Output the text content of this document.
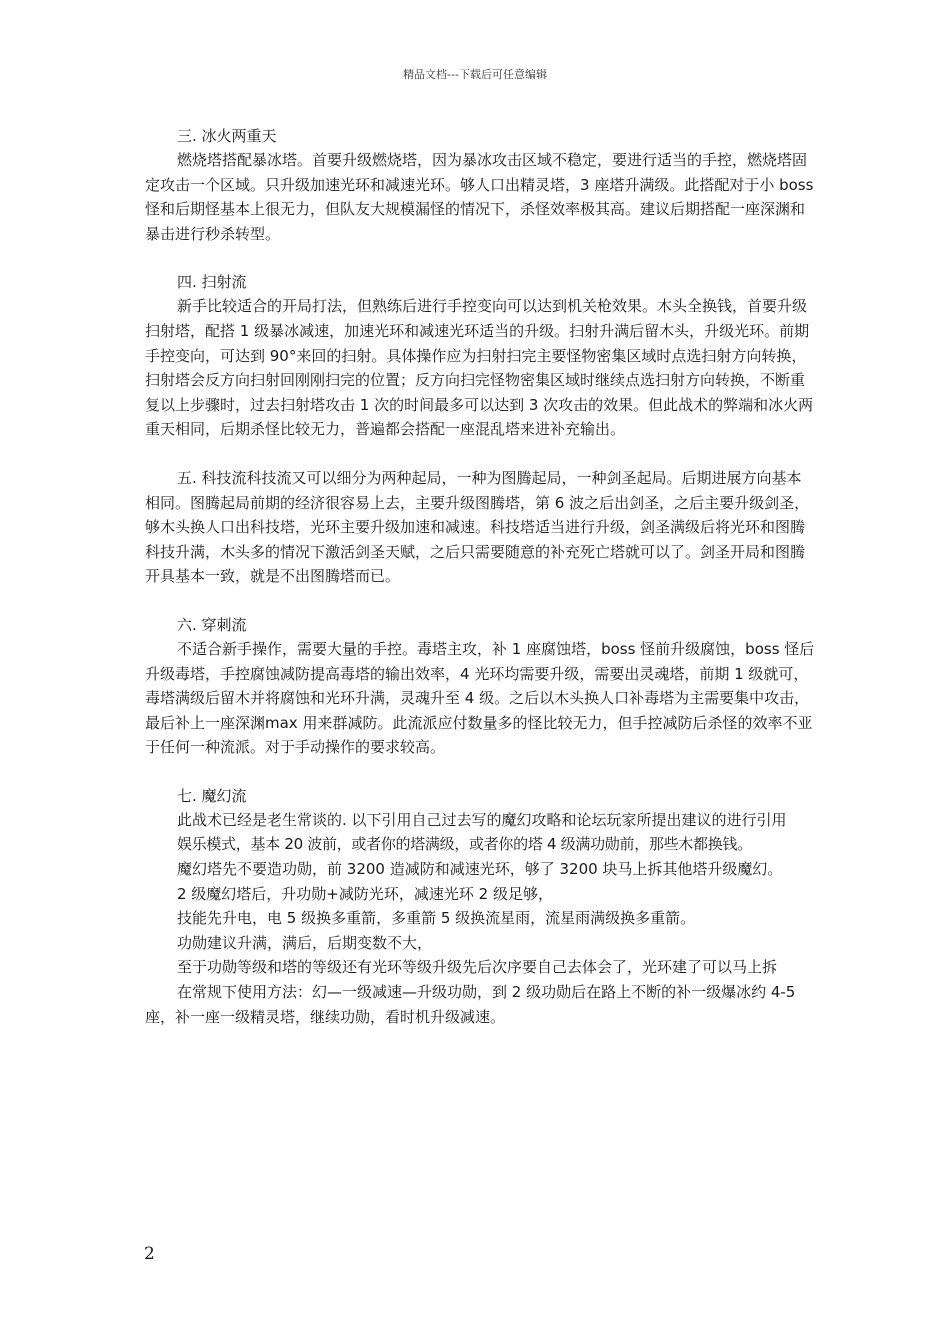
精品文档---下载后可任意编辑
三. 冰火两重天

燃烧塔搭配暴冰塔。首要升级燃烧塔，因为暴冰攻击区域不稳定，要进行适当的手控，燃烧塔固定攻击一个区域。只升级加速光环和减速光环。够人口出精灵塔，3 座塔升满级。此搭配对于小 boss 怪和后期怪基本上很无力，但队友大规模漏怪的情况下，杀怪效率极其高。建议后期搭配一座深渊和暴击进行秒杀转型。

四. 扫射流

新手比较适合的开局打法，但熟练后进行手控变向可以达到机关枪效果。木头全换钱，首要升级扫射塔，配搭 1 级暴冰减速，加速光环和减速光环适当的升级。扫射升满后留木头，升级光环。前期手控变向，可达到 90°来回的扫射。具体操作应为扫射扫完主要怪物密集区域时点选扫射方向转换，扫射塔会反方向扫射回刚刚扫完的位置；反方向扫完怪物密集区域时继续点选扫射方向转换，不断重复以上步骤时，过去扫射塔攻击 1 次的时间最多可以达到 3 次攻击的效果。但此战术的弊端和冰火两重天相同，后期杀怪比较无力，普遍都会搭配一座混乱塔来进补充输出。

五. 科技流科技流又可以细分为两种起局，一种为图腾起局，一种剑圣起局。后期进展方向基本相同。图腾起局前期的经济很容易上去，主要升级图腾塔，第 6 波之后出剑圣，之后主要升级剑圣，够木头换人口出科技塔，光环主要升级加速和减速。科技塔适当进行升级，剑圣满级后将光环和图腾科技升满，木头多的情况下激活剑圣天赋，之后只需要随意的补充死亡塔就可以了。剑圣开局和图腾开具基本一致，就是不出图腾塔而已。

六. 穿刺流

不适合新手操作，需要大量的手控。毒塔主攻，补 1 座腐蚀塔，boss 怪前升级腐蚀，boss 怪后升级毒塔，手控腐蚀减防提高毒塔的输出效率，4 光环均需要升级，需要出灵魂塔，前期 1 级就可，毒塔满级后留木并将腐蚀和光环升满，灵魂升至 4 级。之后以木头换人口补毒塔为主需要集中攻击，最后补上一座深渊max 用来群减防。此流派应付数量多的怪比较无力，但手控减防后杀怪的效率不亚于任何一种流派。对于手动操作的要求较高。

七. 魔幻流

此战术已经是老生常谈的. 以下引用自己过去写的魔幻攻略和论坛玩家所提出建议的进行引用

娱乐模式，基本 20 波前，或者你的塔满级，或者你的塔 4 级满功勋前，那些木都换钱。

魔幻塔先不要造功勋，前 3200 造减防和减速光环，够了 3200 块马上拆其他塔升级魔幻。

2 级魔幻塔后，升功勋+减防光环，减速光环 2 级足够，

技能先升电，电 5 级换多重箭，多重箭 5 级换流星雨，流星雨满级换多重箭。

功勋建议升满，满后，后期变数不大，

至于功勋等级和塔的等级还有光环等级升级先后次序要自己去体会了，光环建了可以马上拆

在常规下使用方法：幻—一级减速—升级功勋，到 2 级功勋后在路上不断的补一级爆冰约 4-5 座，补一座一级精灵塔，继续功勋，看时机升级减速。

2
